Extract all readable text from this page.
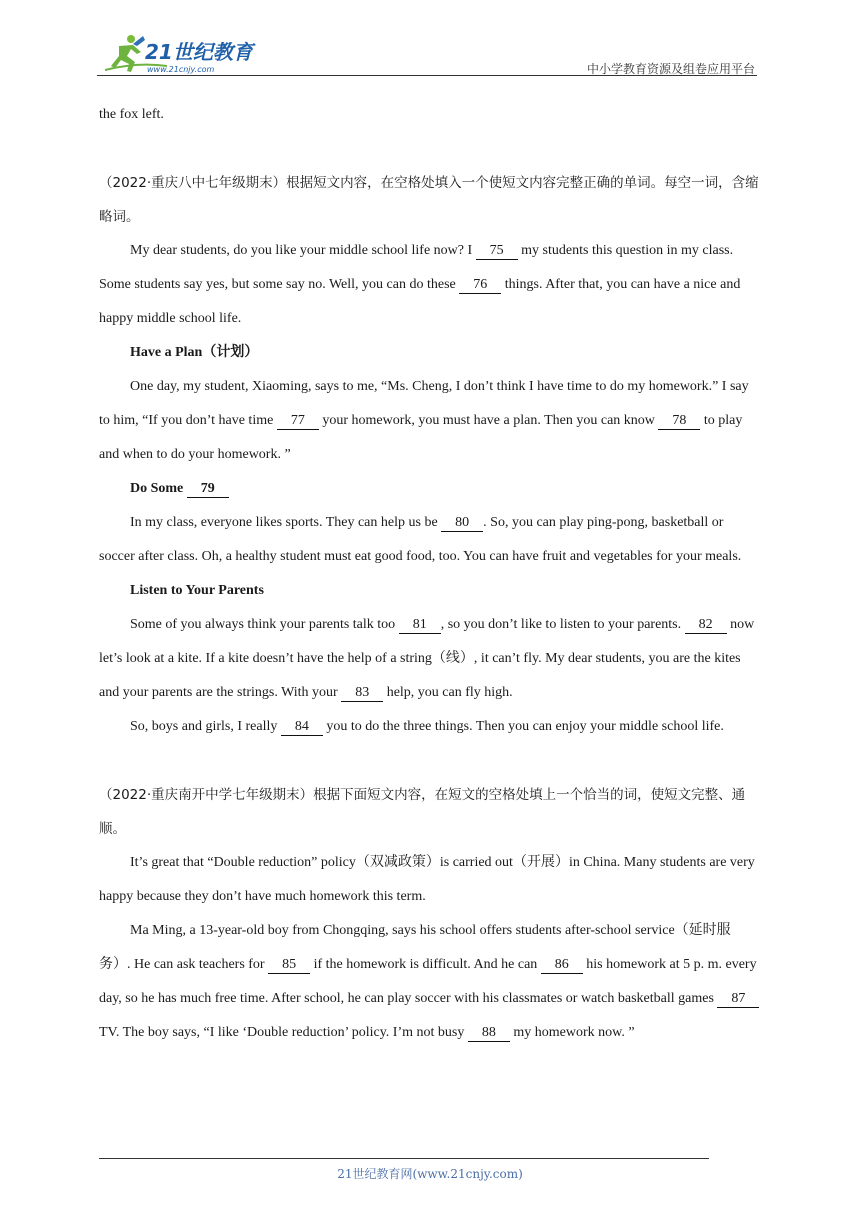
21世纪教育
www.21cnjy.com	中小学教育资源及组卷应用平台

the fox left.

（2022·重庆八中七年级期末）根据短文内容，在空格处填入一个使短文内容完整正确的单词。每空一词，含缩略词。

My dear students, do you like your middle school life now? I     75     my students this question in my class. Some students say yes, but some say no. Well, you can do these     76     things. After that, you can have a nice and happy middle school life.

Have a Plan（计划）

One day, my student, Xiaoming, says to me, “Ms. Cheng, I don’t think I have time to do my homework.” I say to him, “If you don’t have time     77     your homework, you must have a plan. Then you can know     78     to play and when to do your homework. ”

Do Some     79

In my class, everyone likes sports. They can help us be     80 . So, you can play ping-pong, basketball or soccer after class. Oh, a healthy student must eat good food, too. You can have fruit and vegetables for your meals.

Listen to Your Parents

Some of you always think your parents talk too     81 , so you don’t like to listen to your parents.     82     now let’s look at a kite. If a kite doesn’t have the help of a string（线）, it can’t fly. My dear students, you are the kites and your parents are the strings. With your     83     help, you can fly high.

So, boys and girls, I really     84     you to do the three things. Then you can enjoy your middle school life.

（2022·重庆南开中学七年级期末）根据下面短文内容，在短文的空格处填上一个恰当的词，使短文完整、通顺。

It’s great that “Double reduction” policy（双减政策）is carried out（开展）in China. Many students are very happy because they don’t have much homework this term.

Ma Ming, a 13-year-old boy from Chongqing, says his school offers students after-school service（延时服务）. He can ask teachers for     85     if the homework is difficult. And he can     86     his homework at 5 p. m. every day, so he has much free time. After school, he can play soccer with his classmates or watch basketball games     87     TV. The boy says, “I like ‘Double reduction’ policy. I’m not busy     88     my homework now. ”

21世纪教育网(www.21cnjy.com)
